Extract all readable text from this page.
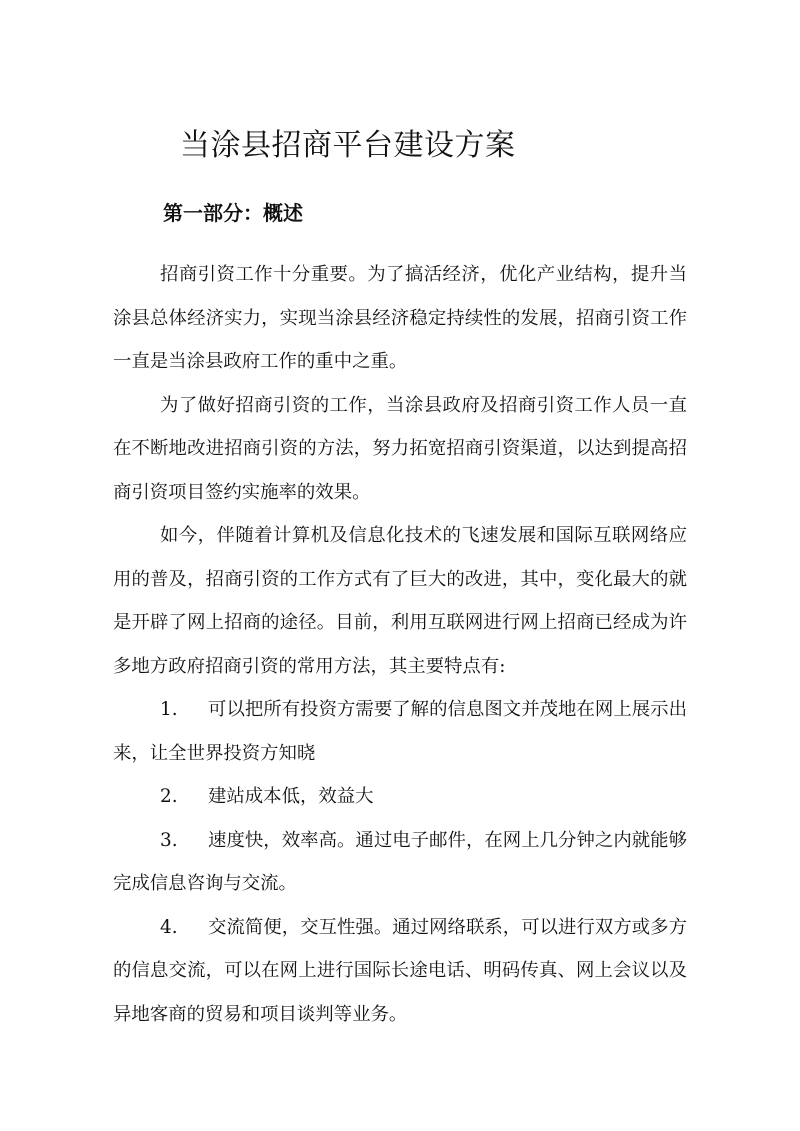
当涂县招商平台建设方案
第一部分：概述

招商引资工作十分重要。为了搞活经济，优化产业结构，提升当涂县总体经济实力，实现当涂县经济稳定持续性的发展，招商引资工作一直是当涂县政府工作的重中之重。

为了做好招商引资的工作，当涂县政府及招商引资工作人员一直在不断地改进招商引资的方法，努力拓宽招商引资渠道，以达到提高招商引资项目签约实施率的效果。

如今，伴随着计算机及信息化技术的飞速发展和国际互联网络应用的普及，招商引资的工作方式有了巨大的改进，其中，变化最大的就是开辟了网上招商的途径。目前，利用互联网进行网上招商已经成为许多地方政府招商引资的常用方法，其主要特点有:

1. 可以把所有投资方需要了解的信息图文并茂地在网上展示出来，让全世界投资方知晓

2. 建站成本低，效益大

3. 速度快，效率高。通过电子邮件，在网上几分钟之内就能够完成信息咨询与交流。

4. 交流简便，交互性强。通过网络联系，可以进行双方或多方的信息交流，可以在网上进行国际长途电话、明码传真、网上会议以及异地客商的贸易和项目谈判等业务。
